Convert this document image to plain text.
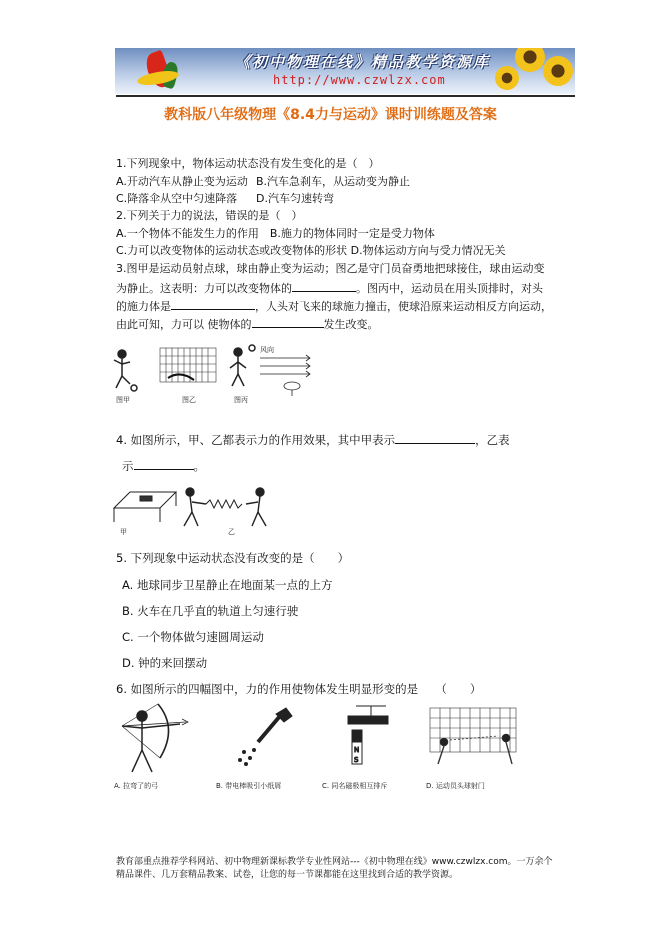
《初中物理在线》精品教学资源库
http://www.czwlzx.com
教科版八年级物理《8.4力与运动》课时训练题及答案
1.下列现象中，物体运动状态没有发生变化的是（　）
A.开动汽车从静止变为运动 B.汽车急刹车，从运动变为静止
C.降落伞从空中匀速降落 D.汽车匀速转弯
2.下列关于力的说法，错误的是（　）
A.一个物体不能发生力的作用　B.施力的物体同时一定是受力物体
C.力可以改变物体的运动状态或改变物体的形状 D.物体运动方向与受力情况无关
3.图甲是运动员射点球，球由静止变为运动；图乙是守门员奋勇地把球接住，球由运动变
为静止。这表明：力可以改变物体的	。图丙中，运动员在用头顶排时，对头
的施力体是	，人头对飞来的球施力撞击，使球沿原来运动相反方向运动，
由此可知，力可以 使物体的	发生改变。
图甲	图乙	图丙
风向
4. 如图所示，甲、乙都表示力的作用效果，其中甲表示	，乙表
示	。
甲	乙
5. 下列现象中运动状态没有改变的是（　　）
A. 地球同步卫星静止在地面某一点的上方
B. 火车在几乎直的轨道上匀速行驶
C. 一个物体做匀速圆周运动
D. 钟的来回摆动
6. 如图所示的四幅图中，力的作用使物体发生明显形变的是　　（　　）
N
S
A. 拉弯了的弓	B. 带电棒吸引小纸屑	C. 同名磁极相互排斥	D. 运动员头球射门
教育部重点推荐学科网站、初中物理新课标教学专业性网站---《初中物理在线》www.czwlzx.com。一万余个精品课件、几万套精品教案、试卷，让您的每一节课都能在这里找到合适的教学资源。
